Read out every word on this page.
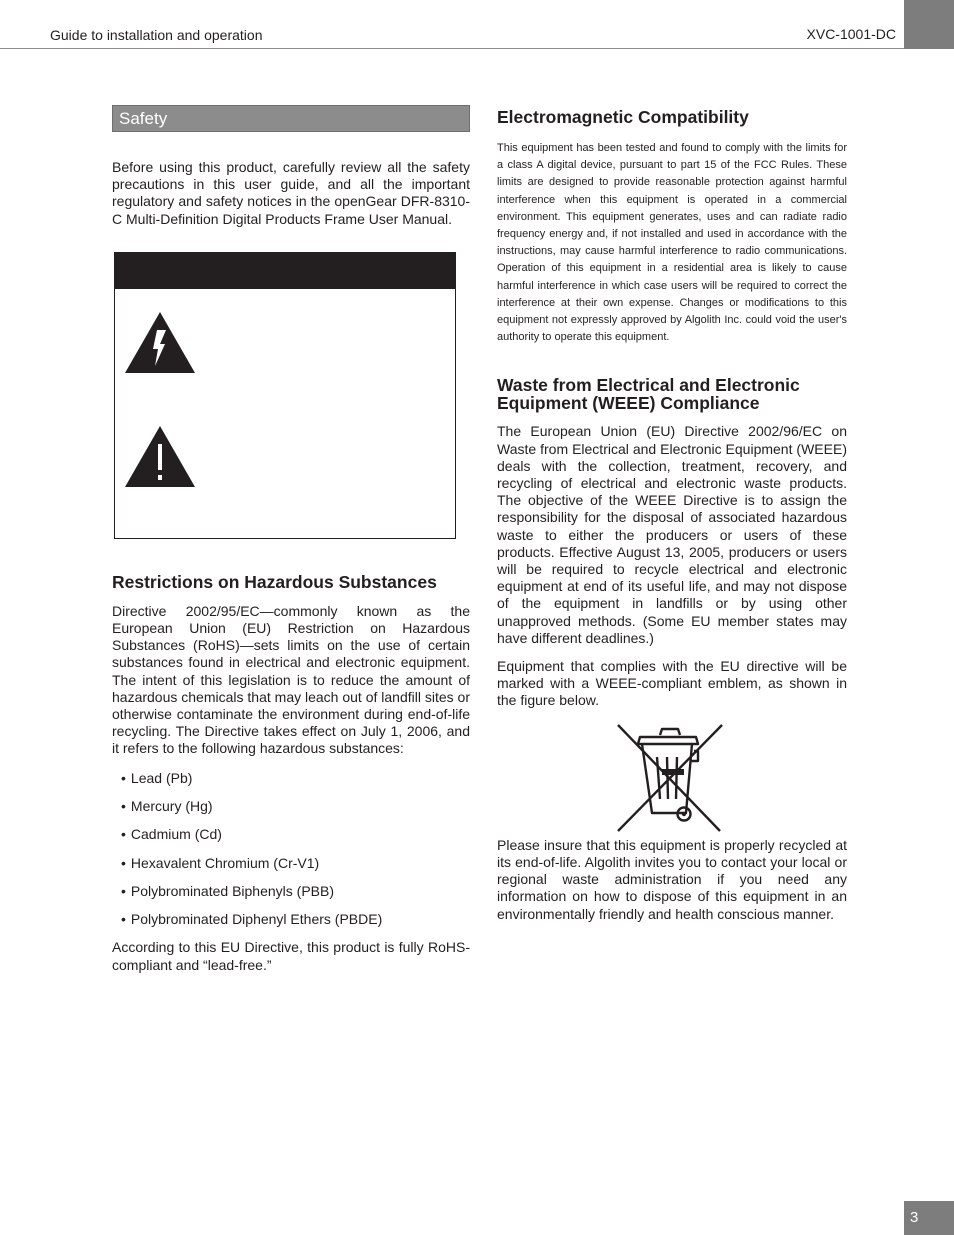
Guide to installation and operation	XVC-1001-DC
Safety

Before using this product, carefully review all the safety precautions in this user guide, and all the important regulatory and safety notices in the openGear DFR-8310-C Multi-Definition Digital Products Frame User Manual.

Restrictions on Hazardous Substances

Directive 2002/95/EC—commonly known as the European Union (EU) Restriction on Hazardous Substances (RoHS)—sets limits on the use of certain substances found in electrical and electronic equipment. The intent of this legislation is to reduce the amount of hazardous chemicals that may leach out of landfill sites or otherwise contaminate the environment during end-of-life recycling. The Directive takes effect on July 1, 2006, and it refers to the following hazardous substances:

• Lead (Pb)
• Mercury (Hg)
• Cadmium (Cd)
• Hexavalent Chromium (Cr-V1)
• Polybrominated Biphenyls (PBB)
• Polybrominated Diphenyl Ethers (PBDE)

According to this EU Directive, this product is fully RoHS-compliant and “lead-free.”

Electromagnetic Compatibility

This equipment has been tested and found to comply with the limits for a class A digital device, pursuant to part 15 of the FCC Rules. These limits are designed to provide reasonable protection against harmful interference when this equipment is operated in a commercial environment. This equipment generates, uses and can radiate radio frequency energy and, if not installed and used in accordance with the instructions, may cause harmful interference to radio communications. Operation of this equipment in a residential area is likely to cause harmful interference in which case users will be required to correct the interference at their own expense. Changes or modifications to this equipment not expressly approved by Algolith Inc. could void the user's authority to operate this equipment.

Waste from Electrical and Electronic
Equipment (WEEE) Compliance

The European Union (EU) Directive 2002/96/EC on Waste from Electrical and Electronic Equipment (WEEE) deals with the collection, treatment, recovery, and recycling of electrical and electronic waste products. The objective of the WEEE Directive is to assign the responsibility for the disposal of associated hazardous waste to either the producers or users of these products. Effective August 13, 2005, producers or users will be required to recycle electrical and electronic equipment at end of its useful life, and may not dispose of the equipment in landfills or by using other unapproved methods. (Some EU member states may have different deadlines.)

Equipment that complies with the EU directive will be marked with a WEEE-compliant emblem, as shown in the figure below.

Please insure that this equipment is properly recycled at its end-of-life. Algolith invites you to contact your local or regional waste administration if you need any information on how to dispose of this equipment in an environmentally friendly and health conscious manner.

3
